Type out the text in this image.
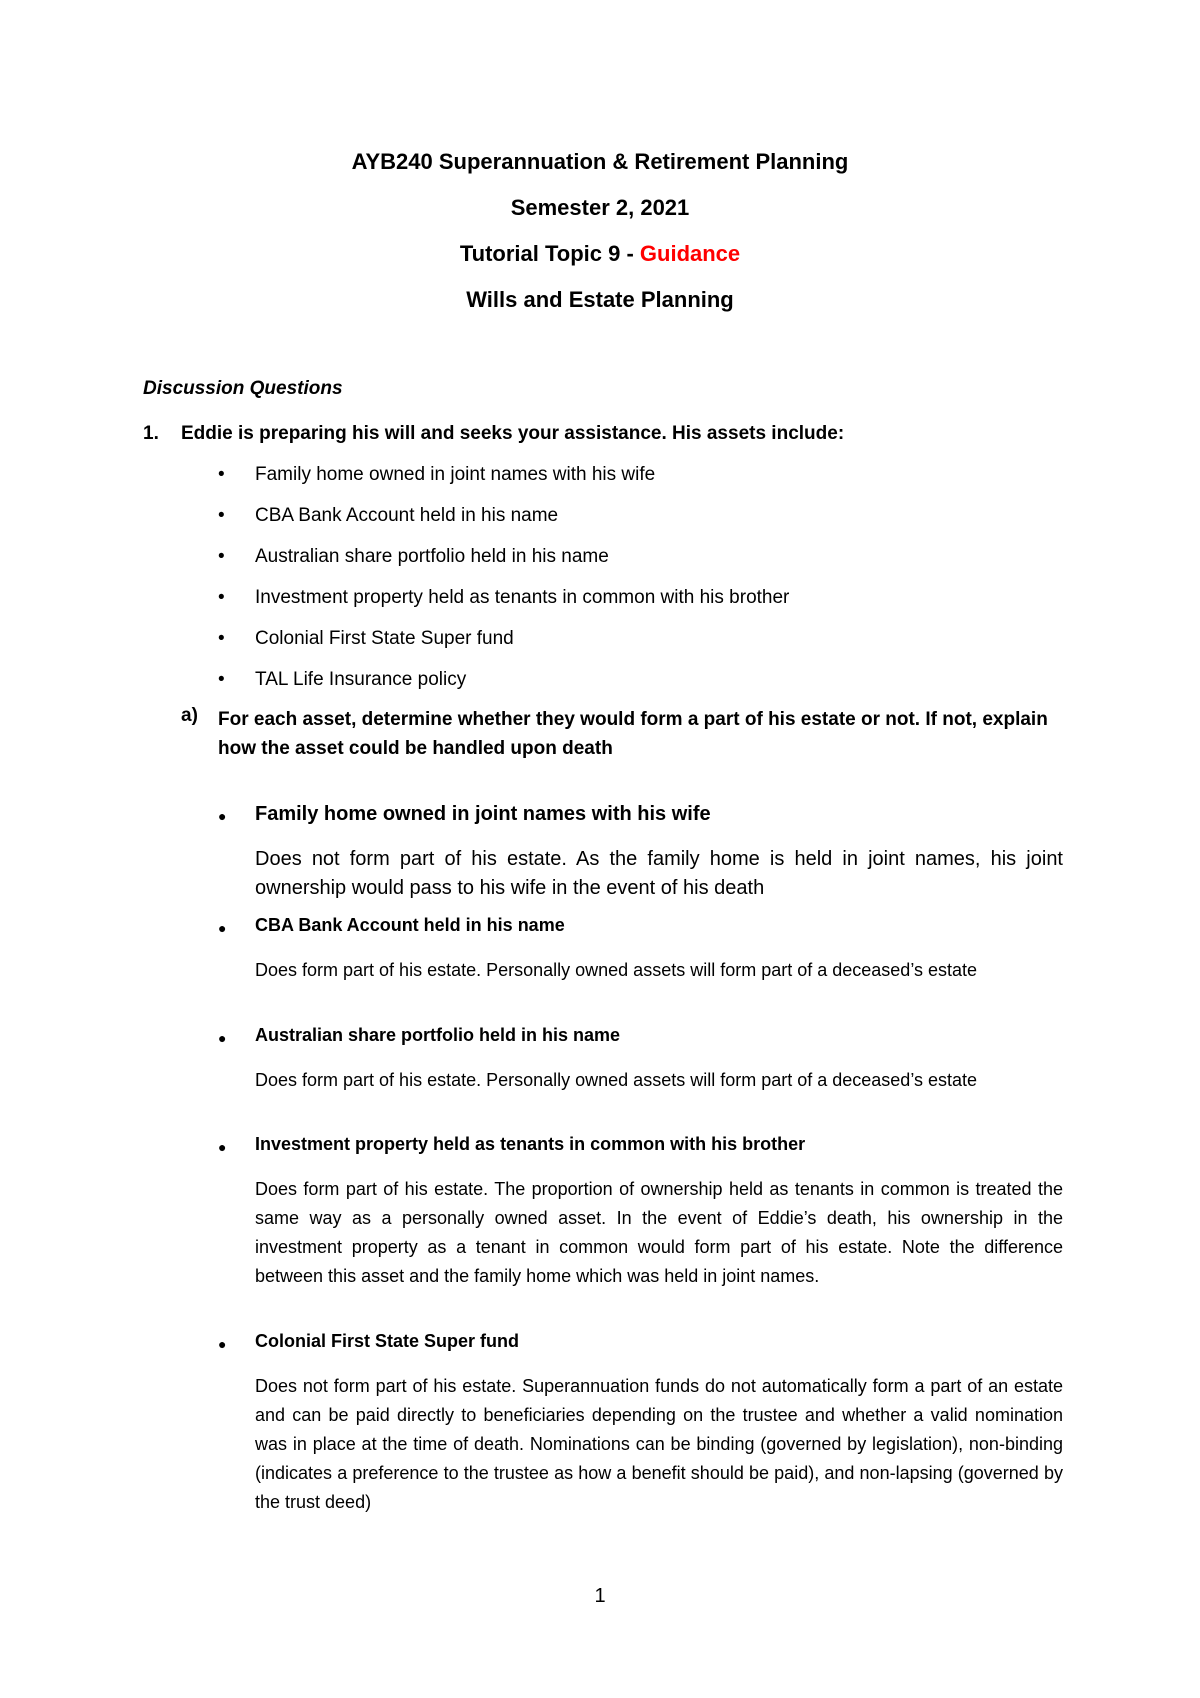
AYB240 Superannuation & Retirement Planning
Semester 2, 2021
Tutorial Topic 9 - Guidance
Wills and Estate Planning
Discussion Questions
1. Eddie is preparing his will and seeks your assistance. His assets include:
• Family home owned in joint names with his wife
• CBA Bank Account held in his name
• Australian share portfolio held in his name
• Investment property held as tenants in common with his brother
• Colonial First State Super fund
• TAL Life Insurance policy
a) For each asset, determine whether they would form a part of his estate or not. If not, explain how the asset could be handled upon death
● Family home owned in joint names with his wife
Does not form part of his estate. As the family home is held in joint names, his joint ownership would pass to his wife in the event of his death
● CBA Bank Account held in his name
Does form part of his estate. Personally owned assets will form part of a deceased’s estate
● Australian share portfolio held in his name
Does form part of his estate. Personally owned assets will form part of a deceased’s estate
● Investment property held as tenants in common with his brother
Does form part of his estate. The proportion of ownership held as tenants in common is treated the same way as a personally owned asset. In the event of Eddie’s death, his ownership in the investment property as a tenant in common would form part of his estate. Note the difference between this asset and the family home which was held in joint names.
● Colonial First State Super fund
Does not form part of his estate. Superannuation funds do not automatically form a part of an estate and can be paid directly to beneficiaries depending on the trustee and whether a valid nomination was in place at the time of death. Nominations can be binding (governed by legislation), non-binding (indicates a preference to the trustee as how a benefit should be paid), and non-lapsing (governed by the trust deed)
1
